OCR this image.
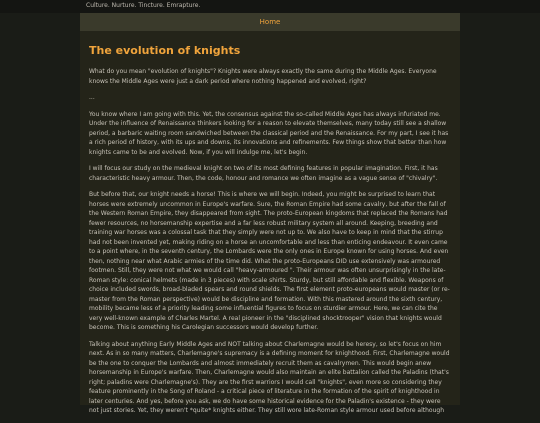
Culture. Nurture. Tincture. Emrapture.
Home
The evolution of knights

What do you mean "evolution of knights"? Knights were always exactly the same during the Middle Ages. Everyone knows the Middle Ages were just a dark period where nothing happened and evolved, right?

...

You know where I am going with this. Yet, the consensus against the so-called Middle Ages has always infuriated me. Under the influence of Renaissance thinkers looking for a reason to elevate themselves, many today still see a shallow period, a barbaric waiting room sandwiched between the classical period and the Renaissance. For my part, I see it has a rich period of history, with its ups and downs, its innovations and refinements. Few things show that better than how knights came to be and evolved. Now, if you will indulge me, let's begin.

I will focus our study on the medieval knight on two of its most defining features in popular imagination. First, it has characteristic heavy armour. Then, the code, honour and romance we often imagine as a vague sense of "chivalry".

But before that, our knight needs a horse! This is where we will begin. Indeed, you might be surprised to learn that horses were extremely uncommon in Europe's warfare. Sure, the Roman Empire had some cavalry, but after the fall of the Western Roman Empire, they disappeared from sight. The proto-European kingdoms that replaced the Romans had fewer resources, no horsemanship expertise and a far less robust military system all around. Keeping, breeding and training war horses was a colossal task that they simply were not up to. We also have to keep in mind that the stirrup had not been invented yet, making riding on a horse an uncomfortable and less than enticing endeavour. It even came to a point where, in the seventh century, the Lombards were the only ones in Europe known for using horses. And even then, nothing near what Arabic armies of the time did. What the proto-Europeans DID use extensively was armoured footmen. Still, they were not what we would call "heavy-armoured ". Their armour was often unsurprisingly in the late-Roman style: conical helmets (made in 3 pieces) with scale shirts. Sturdy, but still affordable and flexible. Weapons of choice included swords, broad-bladed spears and round shields. The first element proto-europeans would master (or re-master from the Roman perspective) would be discipline and formation. With this mastered around the sixth century, mobility became less of a priority leading some influential figures to focus on sturdier armour. Here, we can cite the very well-known example of Charles Martel. A real pioneer in the "disciplined shocktrooper" vision that knights would become. This is something his Carolegian successors would develop further.

Talking about anything Early Middle Ages and NOT talking about Charlemagne would be heresy, so let's focus on him next. As in so many matters, Charlemagne's supremacy is a defining moment for knighthood. First, Charlemagne would be the one to conquer the Lombards and almost immediately recruit them as cavalrymen. This would begin anew horsemanship in Europe's warfare. Then, Charlemagne would also maintain an elite battalion called the Paladins (that's right; paladins were Charlemagne's). They are the first warriors I would call "knights", even more so considering they feature prominently in the Song of Roland - a critical piece of literature in the formation of the spirit of knighthood in later centuries. And yes, before you ask, we do have some historical evidence for the Paladin's existence - they were not just stories. Yet, they weren't *quite* knights either. They still wore late-Roman style armour used before although
